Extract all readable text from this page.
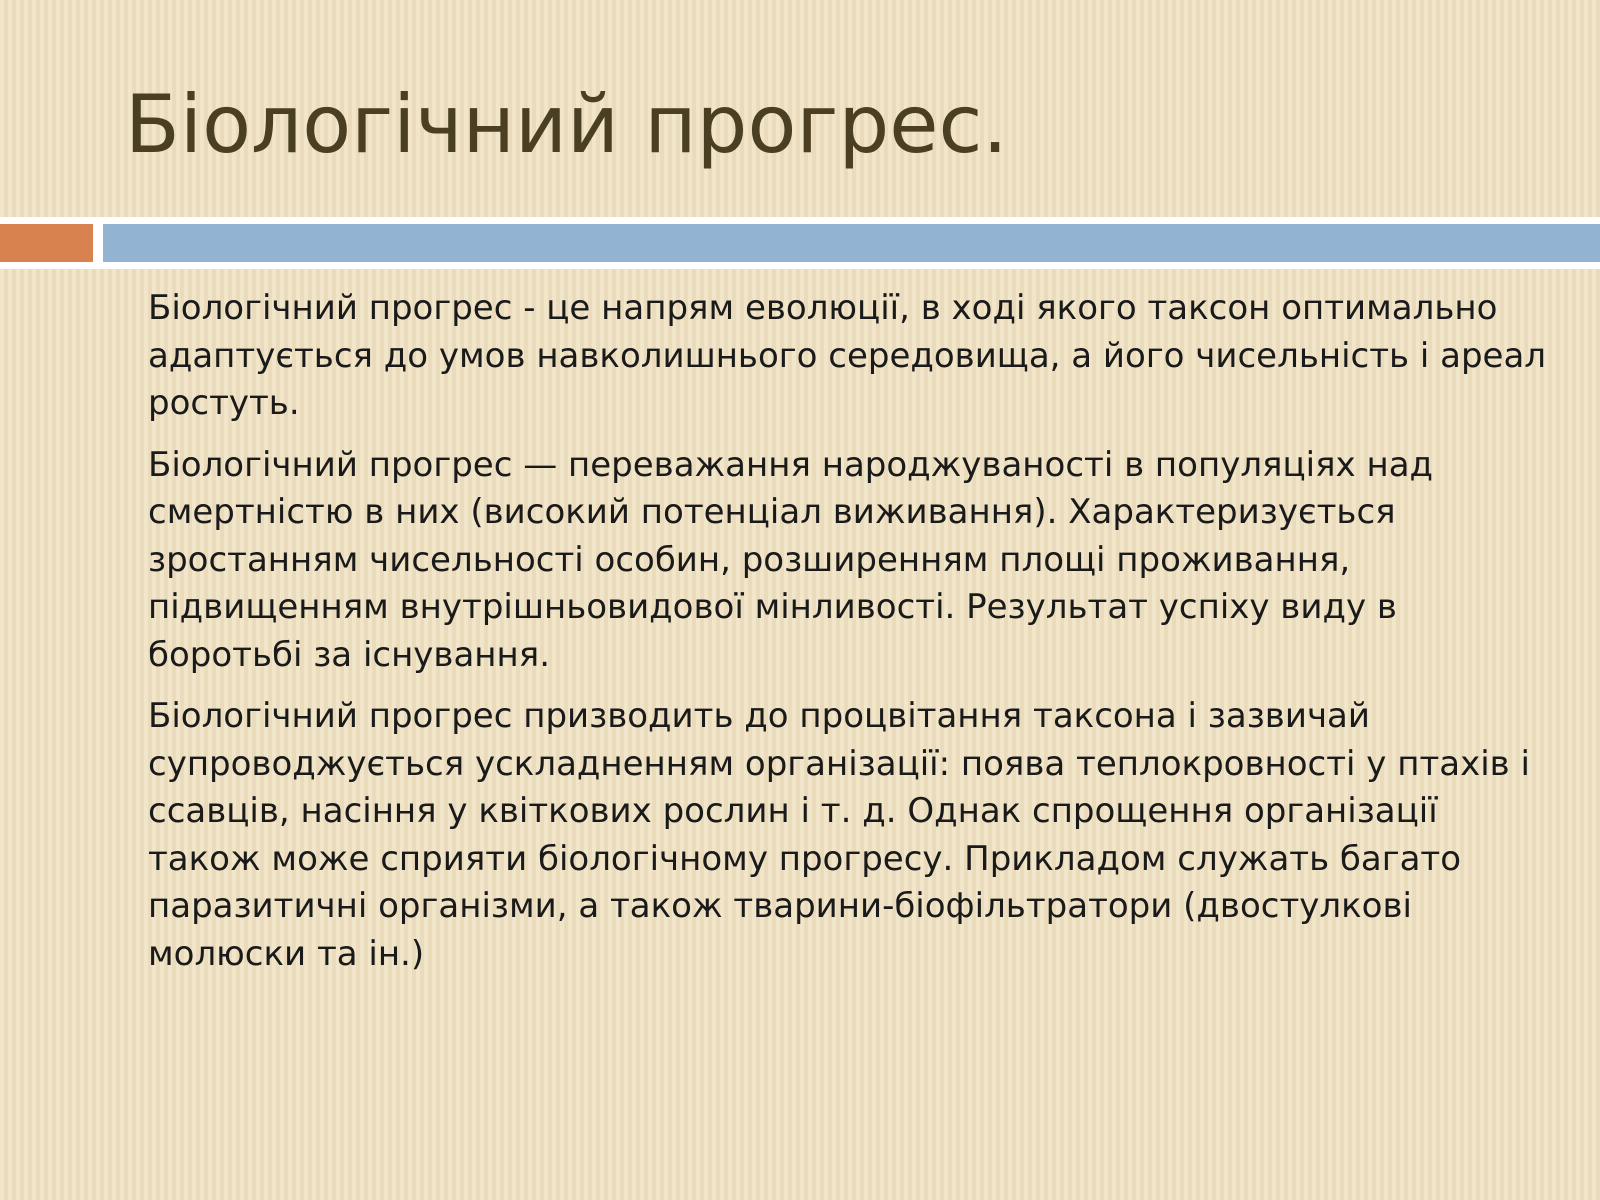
Біологічний прогрес.

Біологічний прогрес - це напрям еволюції, в ході якого таксон оптимально адаптується до умов навколишнього середовища, а його чисельність і ареал ростуть.

Біологічний прогрес — переважання народжуваності в популяціях над смертністю в них (високий потенціал виживання). Характеризується зростанням чисельності особин, розширенням площі проживання, підвищенням внутрішньовидової мінливості. Результат успіху виду в боротьбі за існування.

Біологічний прогрес призводить до процвітання таксона і зазвичай супроводжується ускладненням організації: поява теплокровності у птахів і ссавців, насіння у квіткових рослин і т. д. Однак спрощення організації також може сприяти біологічному прогресу. Прикладом служать багато паразитичні організми, а також тварини-біофільтратори (двостулкові молюски та ін.)
